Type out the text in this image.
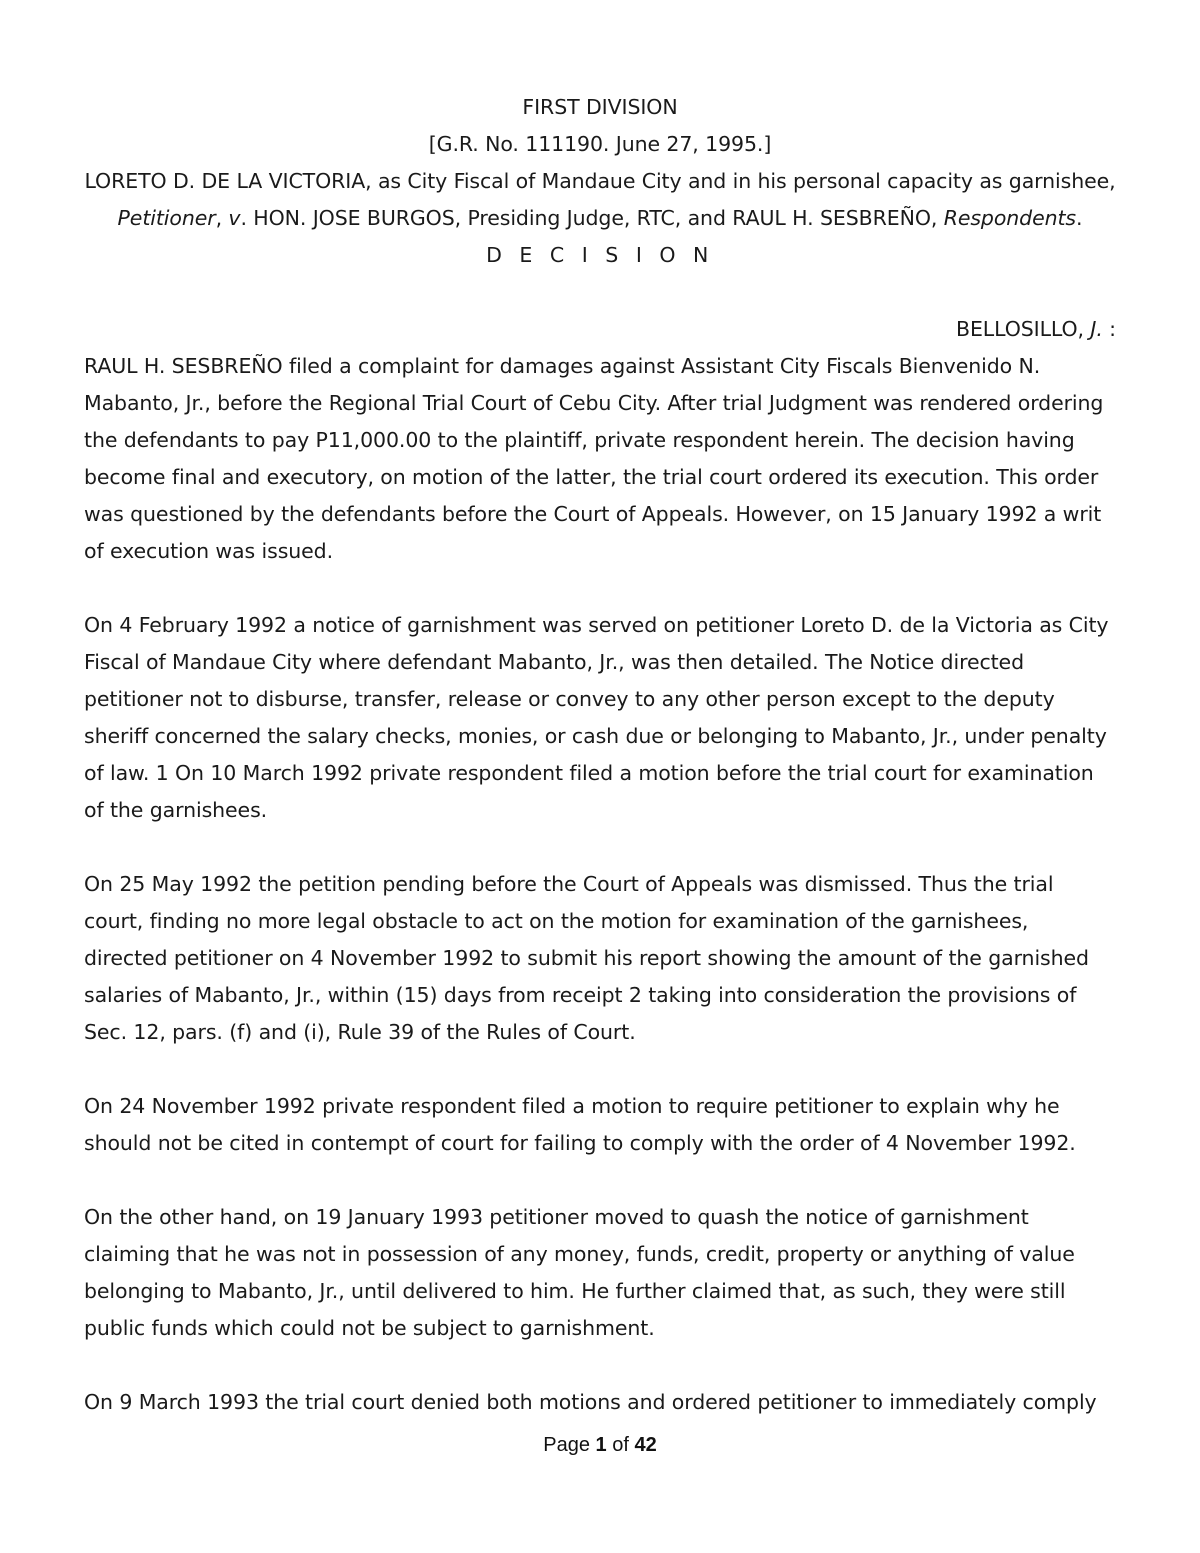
FIRST DIVISION

[G.R. No. 111190. June 27, 1995.]

LORETO D. DE LA VICTORIA, as City Fiscal of Mandaue City and in his personal capacity as garnishee, Petitioner, v. HON. JOSE BURGOS, Presiding Judge, RTC, and RAUL H. SESBREÑO, Respondents.

D E C I S I O N

BELLOSILLO, J. :

RAUL H. SESBREÑO filed a complaint for damages against Assistant City Fiscals Bienvenido N. Mabanto, Jr., before the Regional Trial Court of Cebu City. After trial Judgment was rendered ordering the defendants to pay P11,000.00 to the plaintiff, private respondent herein. The decision having become final and executory, on motion of the latter, the trial court ordered its execution. This order was questioned by the defendants before the Court of Appeals. However, on 15 January 1992 a writ of execution was issued.

On 4 February 1992 a notice of garnishment was served on petitioner Loreto D. de la Victoria as City Fiscal of Mandaue City where defendant Mabanto, Jr., was then detailed. The Notice directed petitioner not to disburse, transfer, release or convey to any other person except to the deputy sheriff concerned the salary checks, monies, or cash due or belonging to Mabanto, Jr., under penalty of law. 1 On 10 March 1992 private respondent filed a motion before the trial court for examination of the garnishees.

On 25 May 1992 the petition pending before the Court of Appeals was dismissed. Thus the trial court, finding no more legal obstacle to act on the motion for examination of the garnishees, directed petitioner on 4 November 1992 to submit his report showing the amount of the garnished salaries of Mabanto, Jr., within (15) days from receipt 2 taking into consideration the provisions of Sec. 12, pars. (f) and (i), Rule 39 of the Rules of Court.

On 24 November 1992 private respondent filed a motion to require petitioner to explain why he should not be cited in contempt of court for failing to comply with the order of 4 November 1992.

On the other hand, on 19 January 1993 petitioner moved to quash the notice of garnishment claiming that he was not in possession of any money, funds, credit, property or anything of value belonging to Mabanto, Jr., until delivered to him. He further claimed that, as such, they were still public funds which could not be subject to garnishment.

On 9 March 1993 the trial court denied both motions and ordered petitioner to immediately comply

Page 1 of 42
